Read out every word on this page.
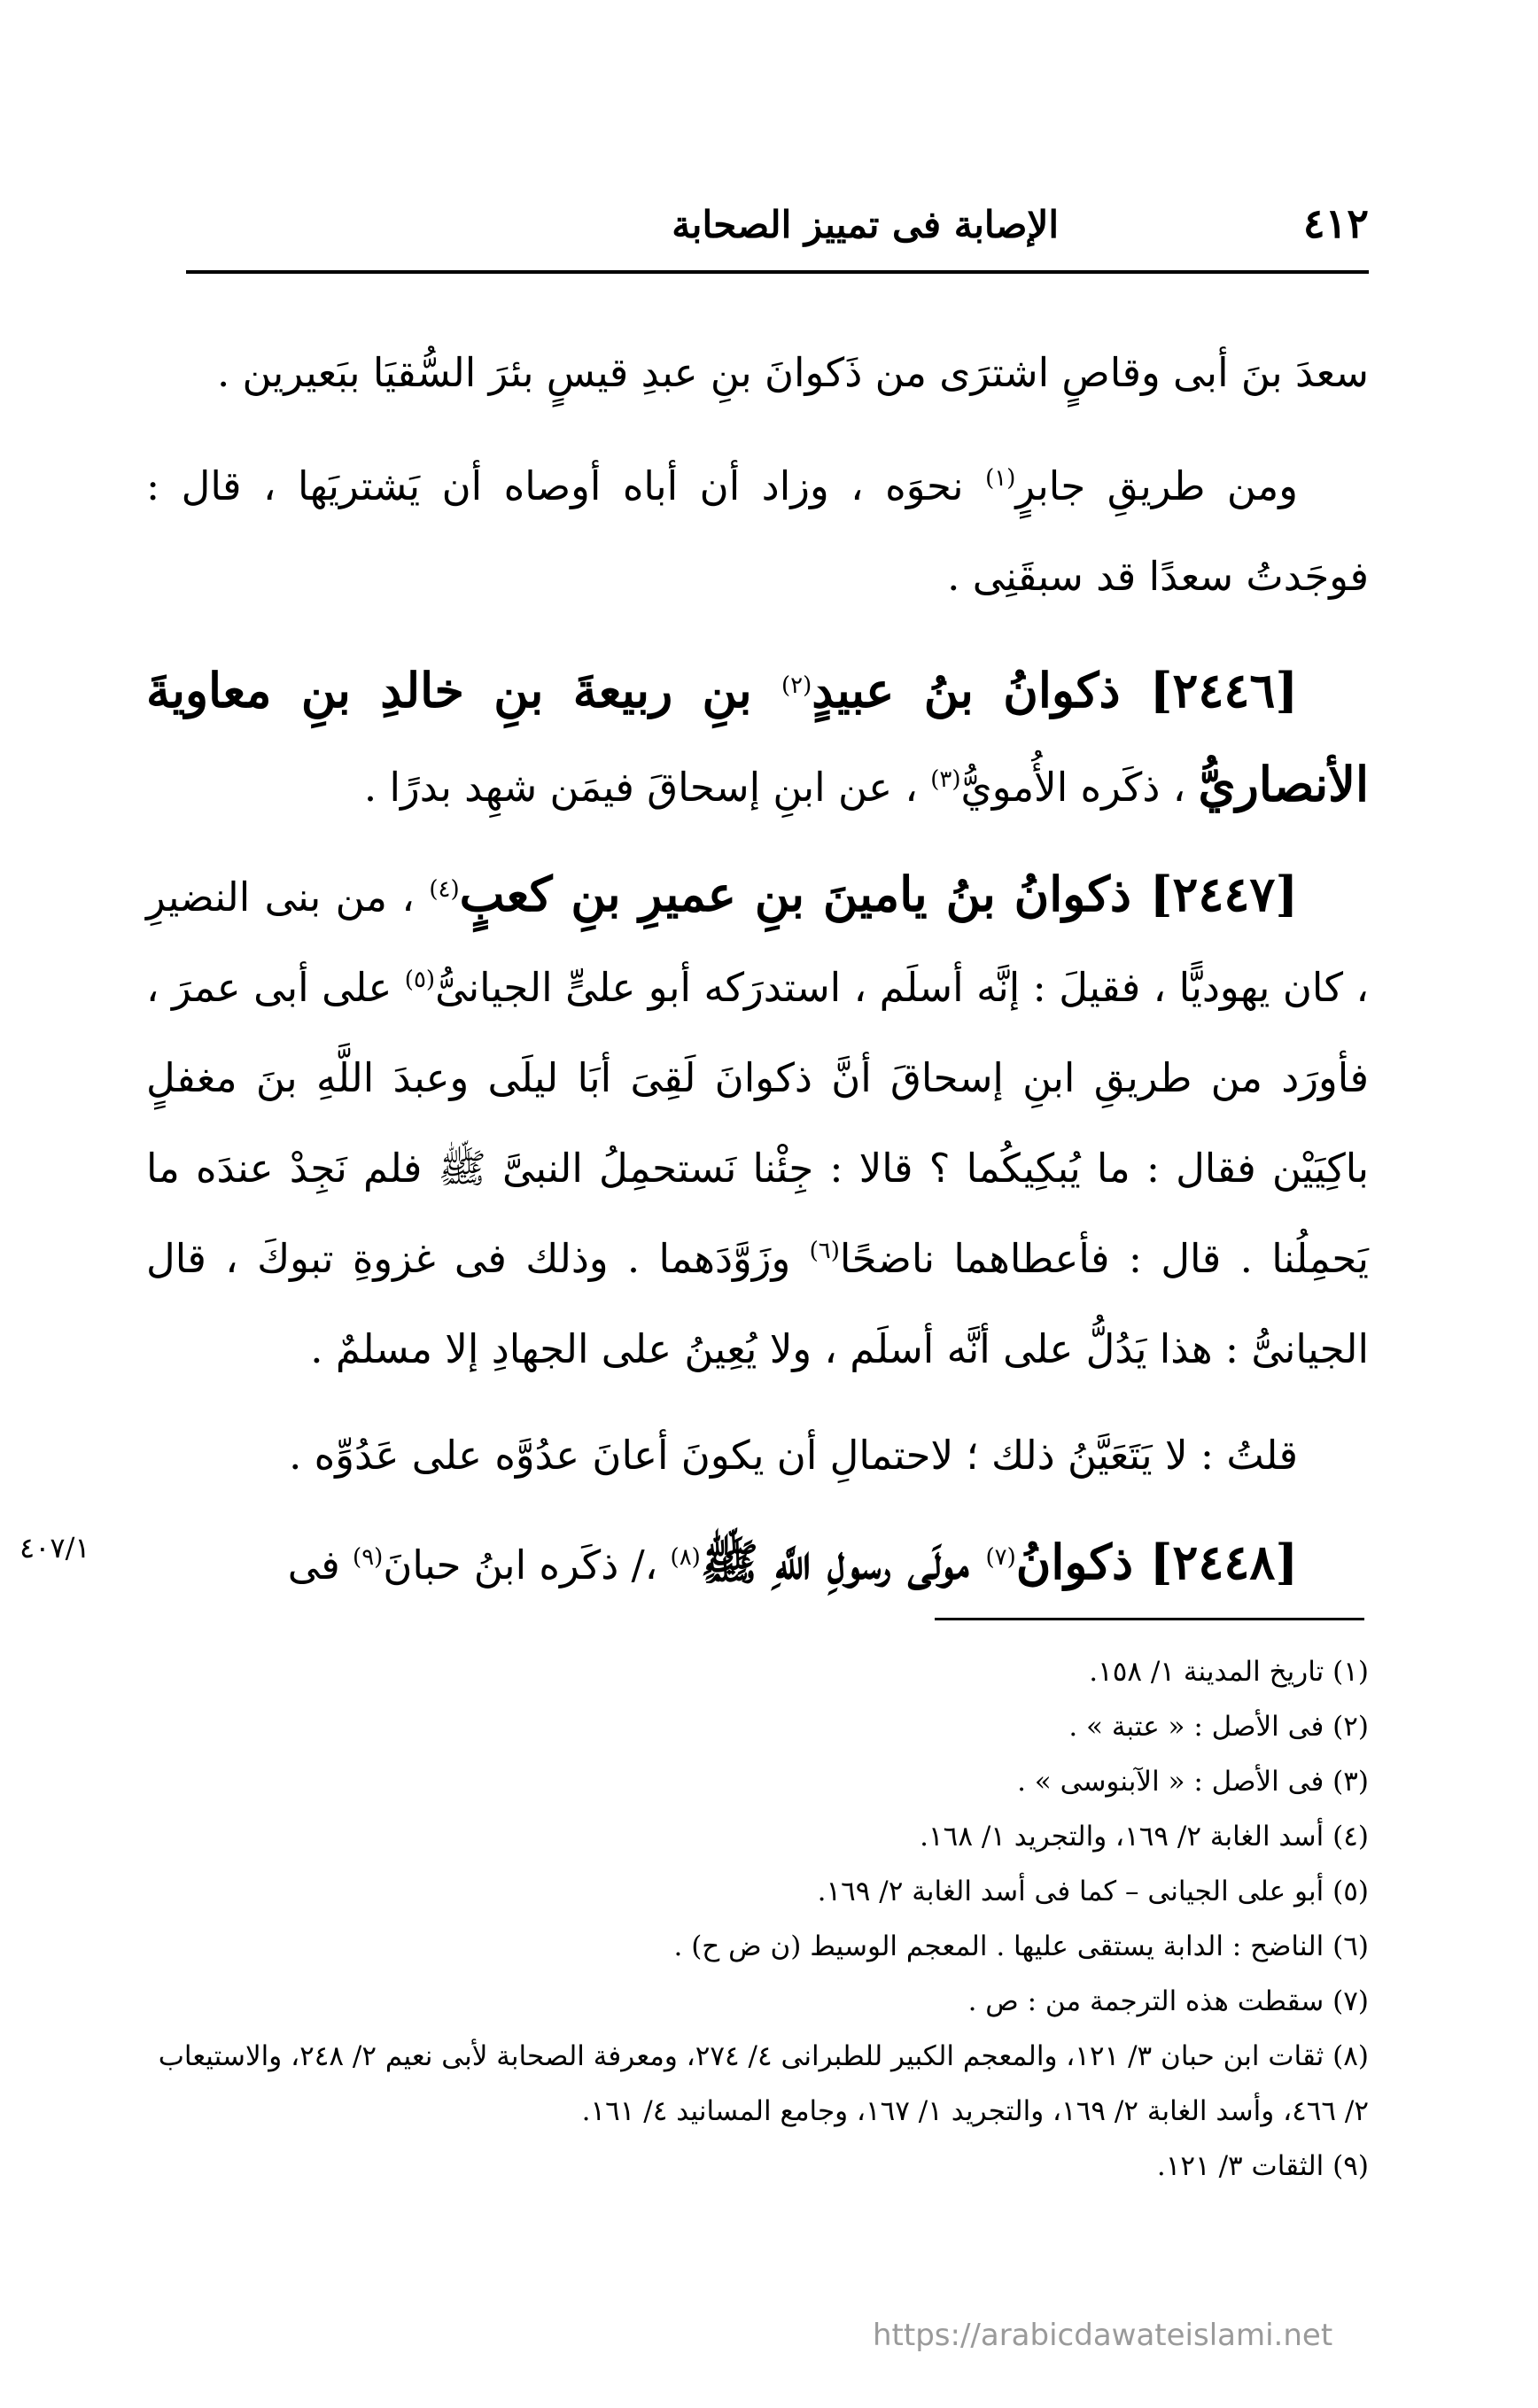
٤١٢
الإصابة فى تمييز الصحابة

سعدَ بنَ أبى وقاصٍ اشترَى من ذَكوانَ بنِ عبدِ قيسٍ بئرَ السُّقيَا ببَعيرين .

ومن طريقِ جابرٍ$^{(١)}$ نحوَه ، وزاد أن أباه أوصاه أن يَشتريَها ، قال : فوجَدتُ سعدًا قد سبقَنِى .

[٢٤٤٦] ذكوانُ بنُ عبيدٍ$^{(٢)}$ بنِ ربيعةَ بنِ خالدِ بنِ معاويةَ الأنصاريُّ ، ذكَره الأُمويُّ$^{(٣)}$ ، عن ابنِ إسحاقَ فيمَن شهِد بدرًا .

[٢٤٤٧] ذكوانُ بنُ يامينَ بنِ عميرِ بنِ كعبٍ$^{(٤)}$ ، من بنى النضيرِ ، كان يهوديًّا ، فقيلَ : إنَّه أسلَم ، استدرَكه أبو علىٍّ الجيانىُّ$^{(٥)}$ على أبى عمرَ ، فأورَد من طريقِ ابنِ إسحاقَ أنَّ ذكوانَ لَقِىَ أبَا ليلَى وعبدَ اللَّهِ بنَ مغفلٍ باكِيَيْن فقال : ما يُبكِيكُما ؟ قالا : جِئْنا نَستحمِلُ النبىَّ ﷺ فلم نَجِدْ عندَه ما يَحمِلُنا . قال : فأعطاهما ناضحًا$^{(٦)}$ وزَوَّدَهما . وذلك فى غزوةِ تبوكَ ، قال الجيانىُّ : هذا يَدُلُّ على أنَّه أسلَم ، ولا يُعِينُ على الجهادِ إلا مسلمٌ .

قلتُ : لا يَتَعَيَّنُ ذلك ؛ لاحتمالِ أن يكونَ أعانَ عدُوَّه على عَدُوِّه .

[٢٤٤٨] ذكوانُ$^{(٧)}$ مولَى رسولِ اللَّهِ ﷺ$^{(٨)}$ ،/ ذكَره ابنُ حبانَ$^{(٩)}$ فى

٤٠٧/١
(١) تاريخ المدينة ١/ ١٥٨.
(٢) فى الأصل : « عتبة » .
(٣) فى الأصل : « الآبنوسى » .
(٤) أسد الغابة ٢/ ١٦٩، والتجريد ١/ ١٦٨.
(٥) أبو على الجيانى – كما فى أسد الغابة ٢/ ١٦٩.
(٦) الناضح : الدابة يستقى عليها . المعجم الوسيط (ن ض ح) .
(٧) سقطت هذه الترجمة من : ص .
(٨) ثقات ابن حبان ٣/ ١٢١، والمعجم الكبير للطبرانى ٤/ ٢٧٤، ومعرفة الصحابة لأبى نعيم ٢/ ٢٤٨، والاستيعاب ٢/ ٤٦٦، وأسد الغابة ٢/ ١٦٩، والتجريد ١/ ١٦٧، وجامع المسانيد ٤/ ١٦١.
(٩) الثقات ٣/ ١٢١.
https://arabicdawateislami.net
